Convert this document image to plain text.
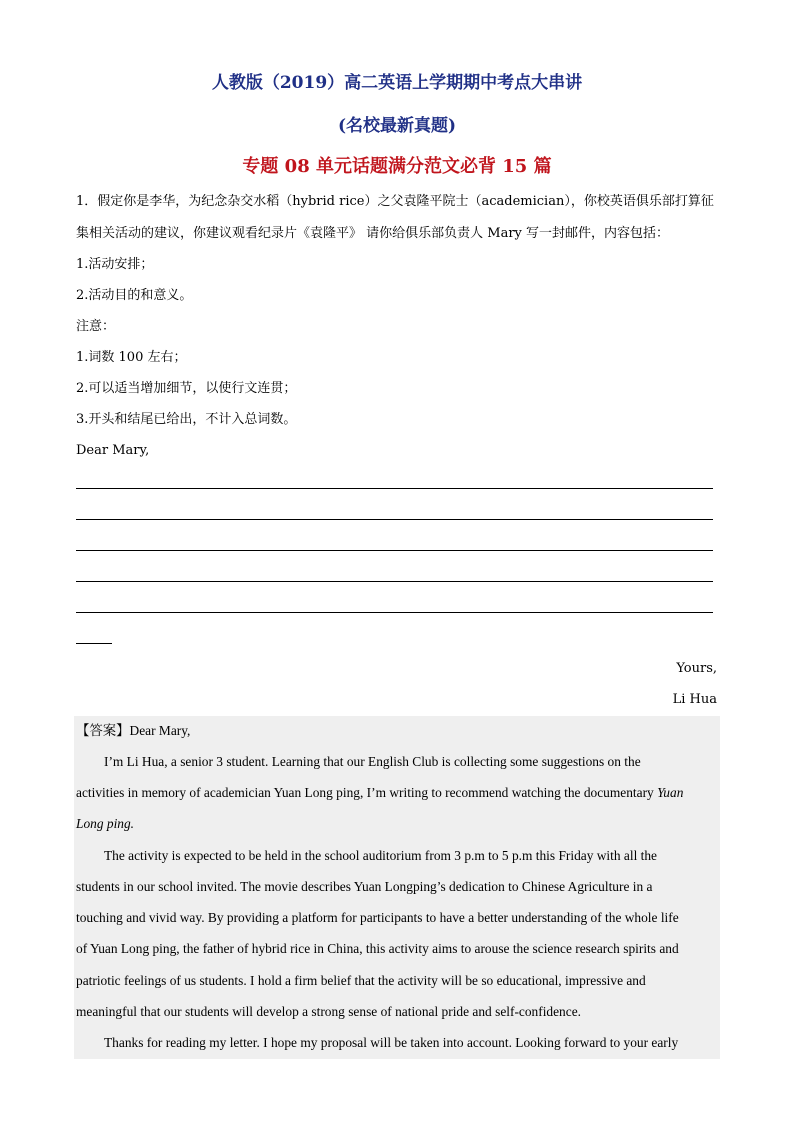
人教版（2019）高二英语上学期期中考点大串讲
(名校最新真题)
专题 08 单元话题满分范文必背 15 篇
1．假定你是李华，为纪念杂交水稻（hybrid rice）之父袁隆平院士（academician），你校英语俱乐部打算征
集相关活动的建议，你建议观看纪录片《袁隆平》 请你给俱乐部负责人 Mary 写一封邮件，内容包括：
1.活动安排；
2.活动目的和意义。
注意：
1.词数 100 左右；
2.可以适当增加细节，以使行文连贯；
3.开头和结尾已给出，不计入总词数。
Dear Mary,
Yours,
Li Hua
【答案】Dear Mary,
I’m Li Hua, a senior 3 student. Learning that our English Club is collecting some suggestions on the
activities in memory of academician Yuan Long ping, I’m writing to recommend watching the documentary Yuan
Long ping.
The activity is expected to be held in the school auditorium from 3 p.m to 5 p.m this Friday with all the
students in our school invited. The movie describes Yuan Longping’s dedication to Chinese Agriculture in a
touching and vivid way. By providing a platform for participants to have a better understanding of the whole life
of Yuan Long ping, the father of hybrid rice in China, this activity aims to arouse the science research spirits and
patriotic feelings of us students. I hold a firm belief that the activity will be so educational, impressive and
meaningful that our students will develop a strong sense of national pride and self-confidence.
Thanks for reading my letter. I hope my proposal will be taken into account. Looking forward to your early
